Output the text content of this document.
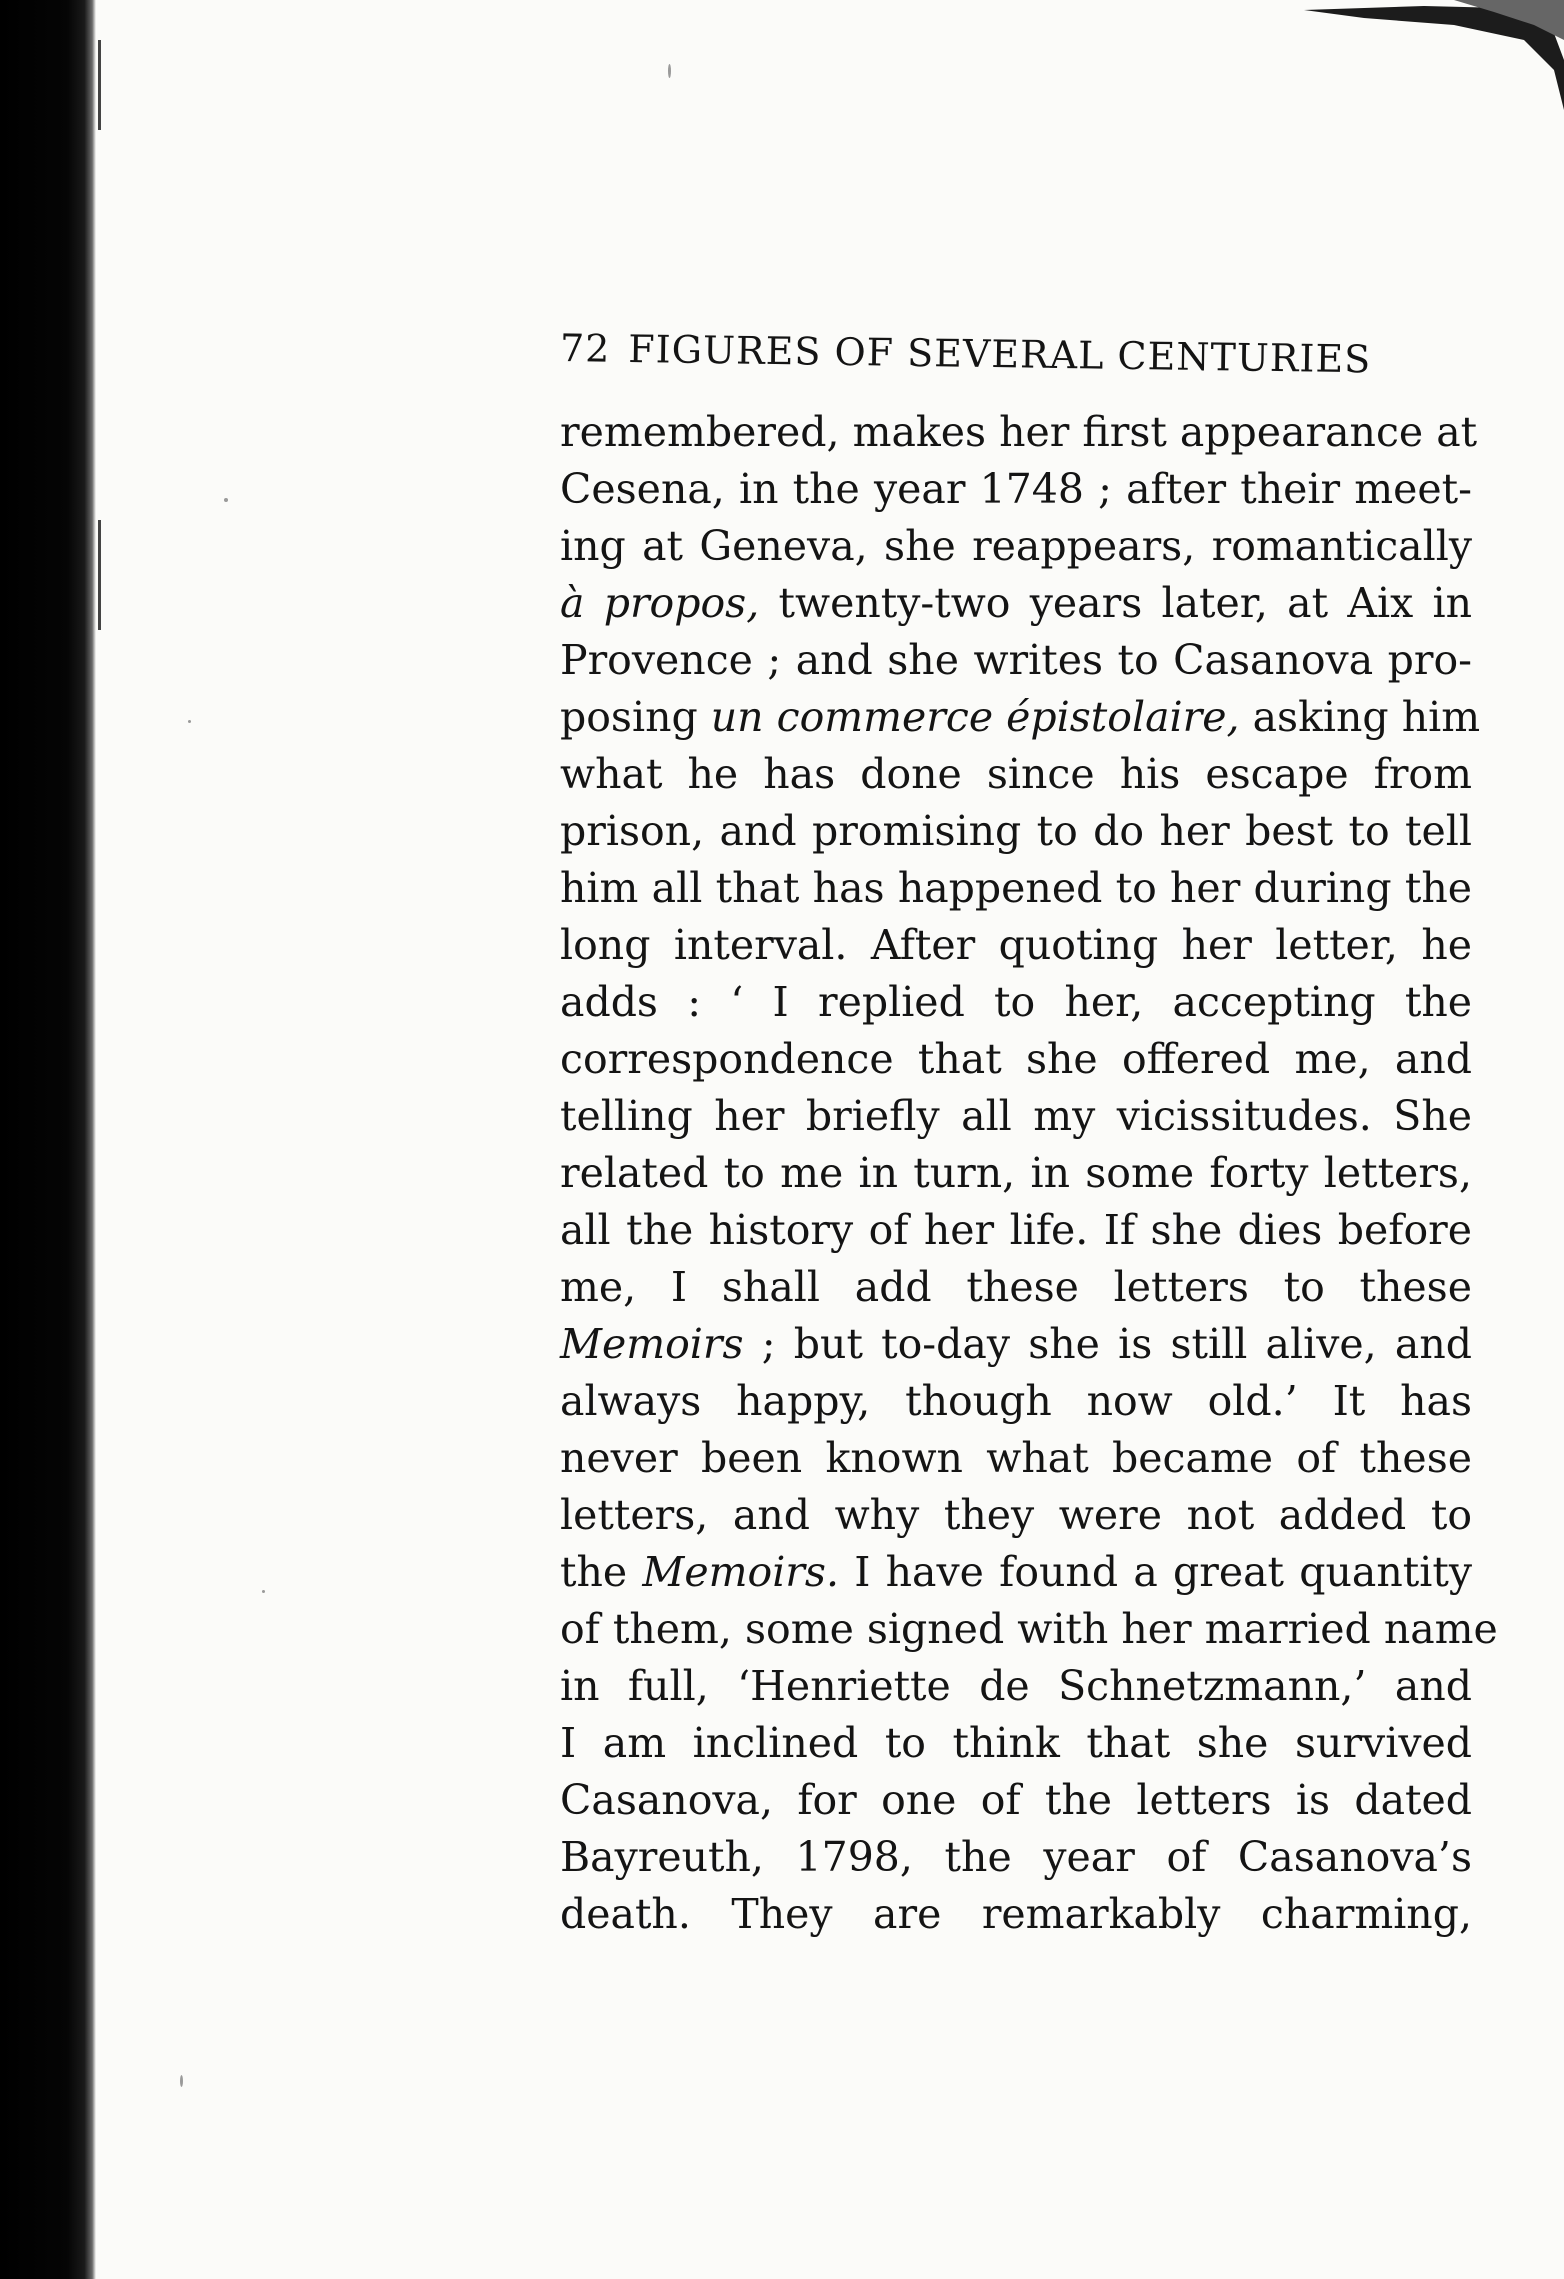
72 FIGURES OF SEVERAL CENTURIES
remembered, makes her first appearance at
Cesena, in the year 1748 ; after their meet-
ing at Geneva, she reappears, romantically
à propos, twenty-two years later, at Aix in
Provence ; and she writes to Casanova pro-
posing un commerce épistolaire, asking him
what he has done since his escape from
prison, and promising to do her best to tell
him all that has happened to her during the
long interval. After quoting her letter, he
adds : ‘ I replied to her, accepting the
correspondence that she offered me, and
telling her briefly all my vicissitudes. She
related to me in turn, in some forty letters,
all the history of her life. If she dies before
me, I shall add these letters to these
Memoirs ; but to-day she is still alive, and
always happy, though now old.’ It has
never been known what became of these
letters, and why they were not added to
the Memoirs. I have found a great quantity
of them, some signed with her married name
in full, ‘Henriette de Schnetzmann,’ and
I am inclined to think that she survived
Casanova, for one of the letters is dated
Bayreuth, 1798, the year of Casanova’s
death. They are remarkably charming,
